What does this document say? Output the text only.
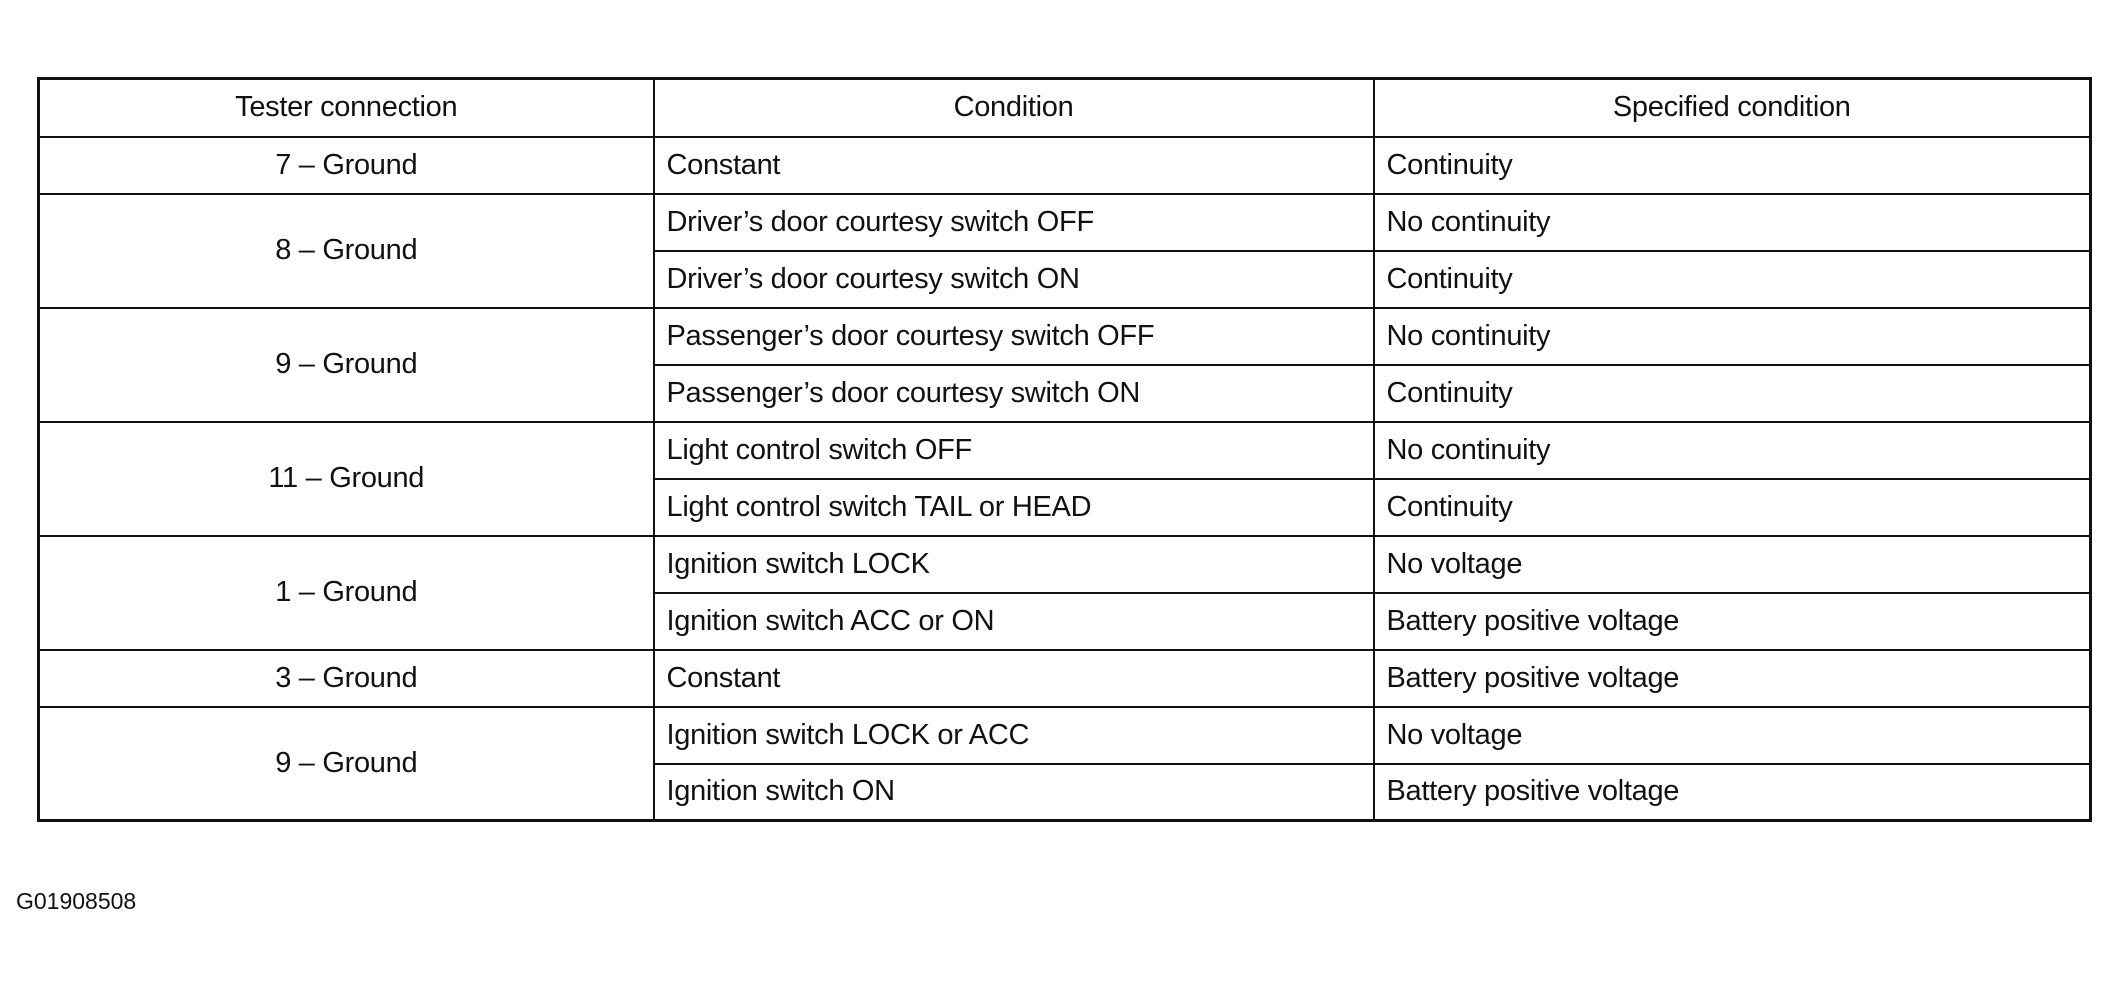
Tester connection	Condition	Specified condition
7 – Ground	Constant	Continuity
8 – Ground	Driver’s door courtesy switch OFF	No continuity
	Driver’s door courtesy switch ON	Continuity
9 – Ground	Passenger’s door courtesy switch OFF	No continuity
	Passenger’s door courtesy switch ON	Continuity
11 – Ground	Light control switch OFF	No continuity
	Light control switch TAIL or HEAD	Continuity
1 – Ground	Ignition switch LOCK	No voltage
	Ignition switch ACC or ON	Battery positive voltage
3 – Ground	Constant	Battery positive voltage
9 – Ground	Ignition switch LOCK or ACC	No voltage
	Ignition switch ON	Battery positive voltage
G01908508
